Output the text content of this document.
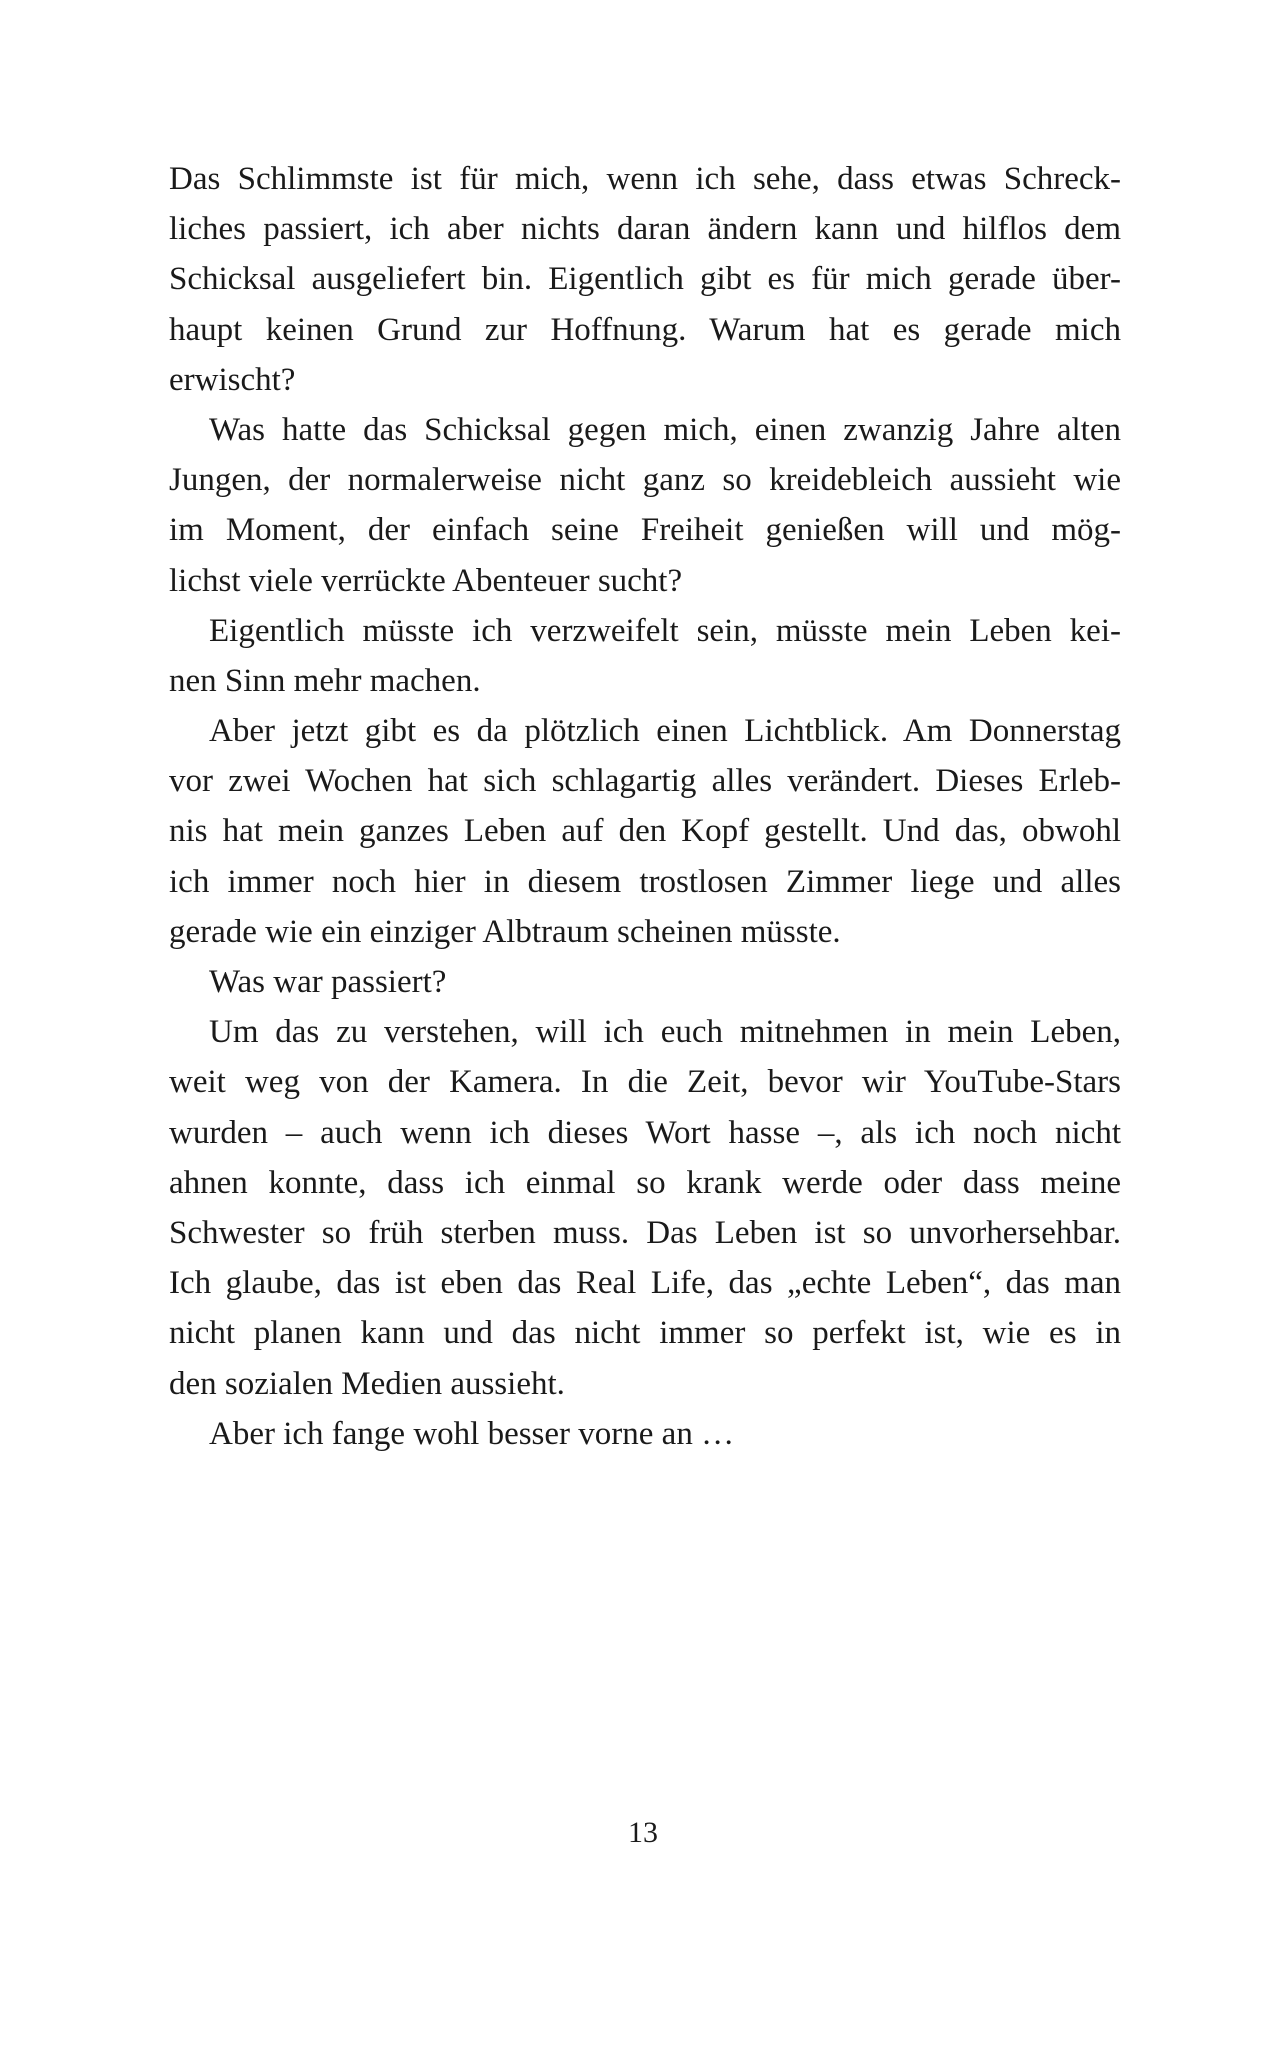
Das Schlimmste ist für mich, wenn ich sehe, dass etwas Schreck-
liches passiert, ich aber nichts daran ändern kann und hilflos dem
Schicksal ausgeliefert bin. Eigentlich gibt es für mich gerade über-
haupt keinen Grund zur Hoffnung. Warum hat es gerade mich
erwischt?
Was hatte das Schicksal gegen mich, einen zwanzig Jahre alten
Jungen, der normalerweise nicht ganz so kreidebleich aussieht wie
im Moment, der einfach seine Freiheit genießen will und mög-
lichst viele verrückte Abenteuer sucht?
Eigentlich müsste ich verzweifelt sein, müsste mein Leben kei-
nen Sinn mehr machen.
Aber jetzt gibt es da plötzlich einen Lichtblick. Am Donnerstag
vor zwei Wochen hat sich schlagartig alles verändert. Dieses Erleb-
nis hat mein ganzes Leben auf den Kopf gestellt. Und das, obwohl
ich immer noch hier in diesem trostlosen Zimmer liege und alles
gerade wie ein einziger Albtraum scheinen müsste.
Was war passiert?
Um das zu verstehen, will ich euch mitnehmen in mein Leben,
weit weg von der Kamera. In die Zeit, bevor wir YouTube-Stars
wurden – auch wenn ich dieses Wort hasse –, als ich noch nicht
ahnen konnte, dass ich einmal so krank werde oder dass meine
Schwester so früh sterben muss. Das Leben ist so unvorhersehbar.
Ich glaube, das ist eben das Real Life, das „echte Leben“, das man
nicht planen kann und das nicht immer so perfekt ist, wie es in
den sozialen Medien aussieht.
Aber ich fange wohl besser vorne an …
13
